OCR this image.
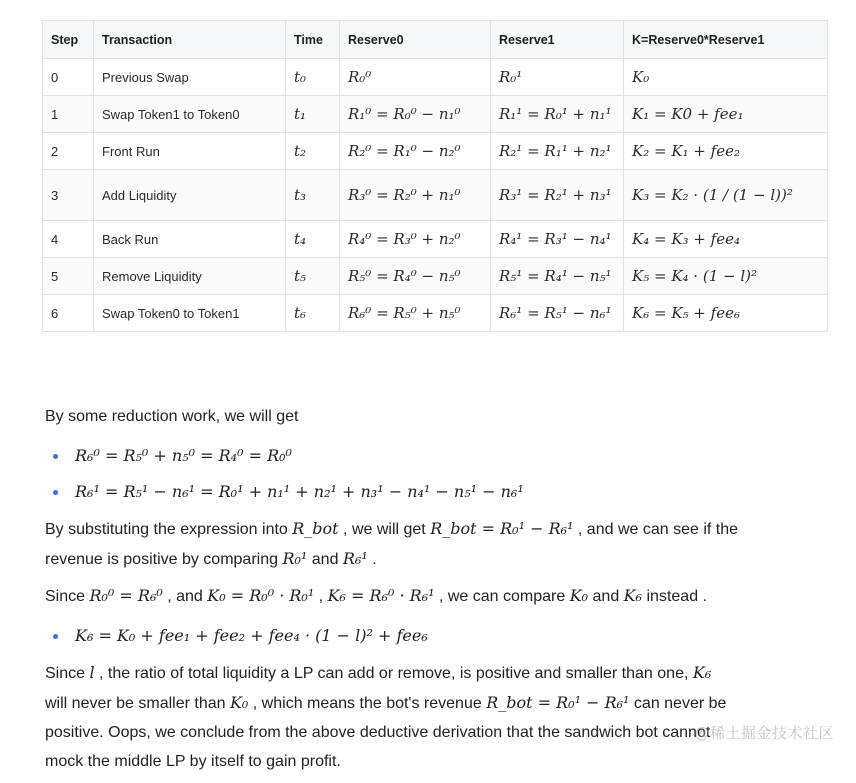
Step	Transaction	Time	Reserve0	Reserve1	K=Reserve0*Reserve1
0	Previous Swap	t₀	R₀⁰	R₀¹	K₀
1	Swap Token1 to Token0	t₁	R₁⁰ = R₀⁰ − n₁⁰	R₁¹ = R₀¹ + n₁¹	K₁ = K0 + fee₁
2	Front Run	t₂	R₂⁰ = R₁⁰ − n₂⁰	R₂¹ = R₁¹ + n₂¹	K₂ = K₁ + fee₂
3	Add Liquidity	t₃	R₃⁰ = R₂⁰ + n₁⁰	R₃¹ = R₂¹ + n₃¹	K₃ = K₂ · (1 / (1 − l))²
4	Back Run	t₄	R₄⁰ = R₃⁰ + n₂⁰	R₄¹ = R₃¹ − n₄¹	K₄ = K₃ + fee₄
5	Remove Liquidity	t₅	R₅⁰ = R₄⁰ − n₅⁰	R₅¹ = R₄¹ − n₅¹	K₅ = K₄ · (1 − l)²
6	Swap Token0 to Token1	t₆	R₆⁰ = R₅⁰ + n₅⁰	R₆¹ = R₅¹ − n₆¹	K₆ = K₅ + fee₆

By some reduction work, we will get

R₆⁰ = R₅⁰ + n₅⁰ = R₄⁰ = R₀⁰
R₆¹ = R₅¹ − n₆¹ = R₀¹ + n₁¹ + n₂¹ + n₃¹ − n₄¹ − n₅¹ − n₆¹

By substituting the expression into R_bot , we will get R_bot = R₀¹ − R₆¹ , and we can see if the
revenue is positive by comparing R₀¹ and R₆¹ .

Since R₀⁰ = R₆⁰ , and K₀ = R₀⁰ · R₀¹ , K₆ = R₆⁰ · R₆¹ , we can compare K₀ and K₆ instead .

K₆ = K₀ + fee₁ + fee₂ + fee₄ · (1 − l)² + fee₆

Since l , the ratio of total liquidity a LP can add or remove, is positive and smaller than one, K₆
will never be smaller than K₀ , which means the bot's revenue R_bot = R₀¹ − R₆¹ can never be
positive. Oops, we conclude from the above deductive derivation that the sandwich bot cannot
mock the middle LP by itself to gain profit.

@稀土掘金技术社区
